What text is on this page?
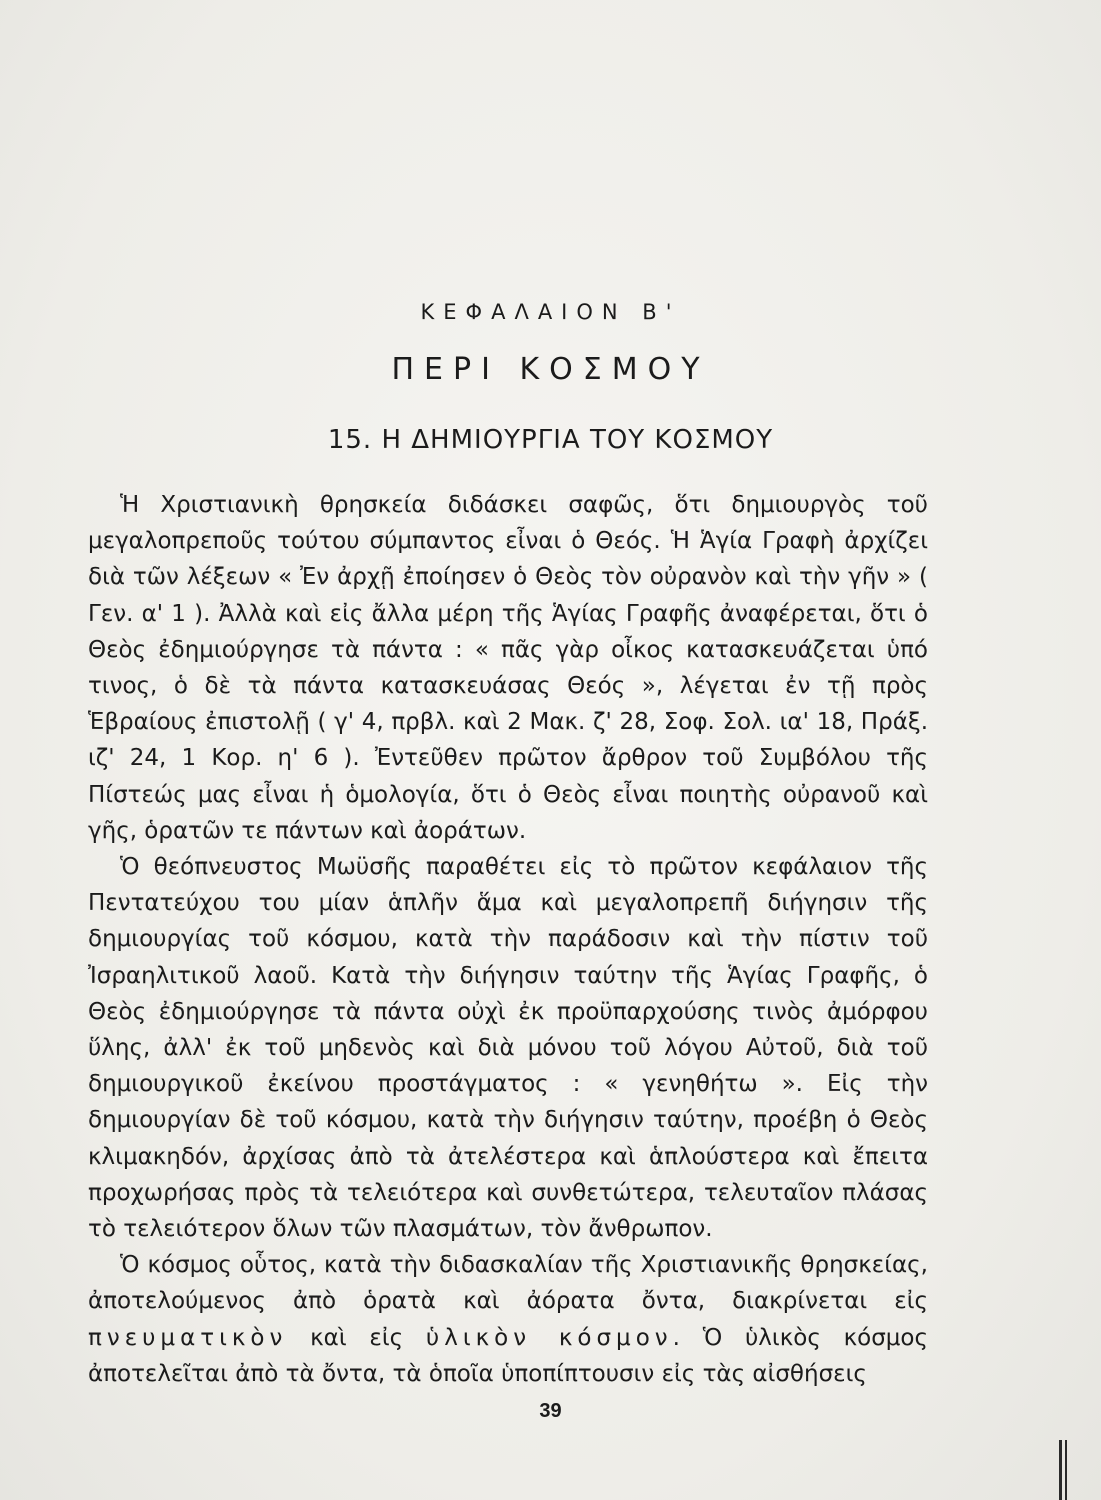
ΚΕΦΑΛΑΙΟΝ Β'
ΠΕΡΙ ΚΟΣΜΟΥ
15. Η ΔΗΜΙΟΥΡΓΙΑ ΤΟΥ ΚΟΣΜΟΥ

Ἡ Χριστιανικὴ θρησκεία διδάσκει σαφῶς, ὅτι δημιουργὸς τοῦ μεγαλοπρεποῦς τούτου σύμπαντος εἶναι ὁ Θεός. Ἡ Ἁγία Γραφὴ ἀρχίζει διὰ τῶν λέξεων « Ἐν ἀρχῇ ἐποίησεν ὁ Θεὸς τὸν οὐρανὸν καὶ τὴν γῆν » ( Γεν. α' 1 ). Ἀλλὰ καὶ εἰς ἄλλα μέρη τῆς Ἁγίας Γραφῆς ἀναφέρεται, ὅτι ὁ Θεὸς ἐδημιούργησε τὰ πάντα : « πᾶς γὰρ οἶκος κατασκευάζεται ὑπό τινος, ὁ δὲ τὰ πάντα κατασκευάσας Θεός », λέγεται ἐν τῇ πρὸς Ἑβραίους ἐπιστολῇ ( γ' 4, πρβλ. καὶ 2 Μακ. ζ' 28, Σοφ. Σολ. ια' 18, Πράξ. ιζ' 24, 1 Κορ. η' 6 ). Ἐντεῦθεν πρῶτον ἄρθρον τοῦ Συμβόλου τῆς Πίστεώς μας εἶναι ἡ ὁμολογία, ὅτι ὁ Θεὸς εἶναι ποιητὴς οὐρανοῦ καὶ γῆς, ὁρατῶν τε πάντων καὶ ἀοράτων.

Ὁ θεόπνευστος Μωϋσῆς παραθέτει εἰς τὸ πρῶτον κεφάλαιον τῆς Πεντατεύχου του μίαν ἁπλῆν ἅμα καὶ μεγαλοπρεπῆ διήγησιν τῆς δημιουργίας τοῦ κόσμου, κατὰ τὴν παράδοσιν καὶ τὴν πίστιν τοῦ Ἰσραηλιτικοῦ λαοῦ. Κατὰ τὴν διήγησιν ταύτην τῆς Ἁγίας Γραφῆς, ὁ Θεὸς ἐδημιούργησε τὰ πάντα οὐχὶ ἐκ προϋπαρχούσης τινὸς ἀμόρφου ὕλης, ἀλλ' ἐκ τοῦ μηδενὸς καὶ διὰ μόνου τοῦ λόγου Αὐτοῦ, διὰ τοῦ δημιουργικοῦ ἐκείνου προστάγματος : « γενηθήτω ». Εἰς τὴν δημιουργίαν δὲ τοῦ κόσμου, κατὰ τὴν διήγησιν ταύτην, προέβη ὁ Θεὸς κλιμακηδόν, ἀρχίσας ἀπὸ τὰ ἀτελέστερα καὶ ἁπλούστερα καὶ ἔπειτα προχωρήσας πρὸς τὰ τελειότερα καὶ συνθετώτερα, τελευταῖον πλάσας τὸ τελειότερον ὅλων τῶν πλασμάτων, τὸν ἄνθρωπον.

Ὁ κόσμος οὗτος, κατὰ τὴν διδασκαλίαν τῆς Χριστιανικῆς θρησκείας, ἀποτελούμενος ἀπὸ ὁρατὰ καὶ ἀόρατα ὄντα, διακρίνεται εἰς πνευματικὸν καὶ εἰς ὑλικὸν κόσμον. Ὁ ὑλικὸς κόσμος ἀποτελεῖται ἀπὸ τὰ ὄντα, τὰ ὁποῖα ὑποπίπτουσιν εἰς τὰς αἰσθήσεις

39
